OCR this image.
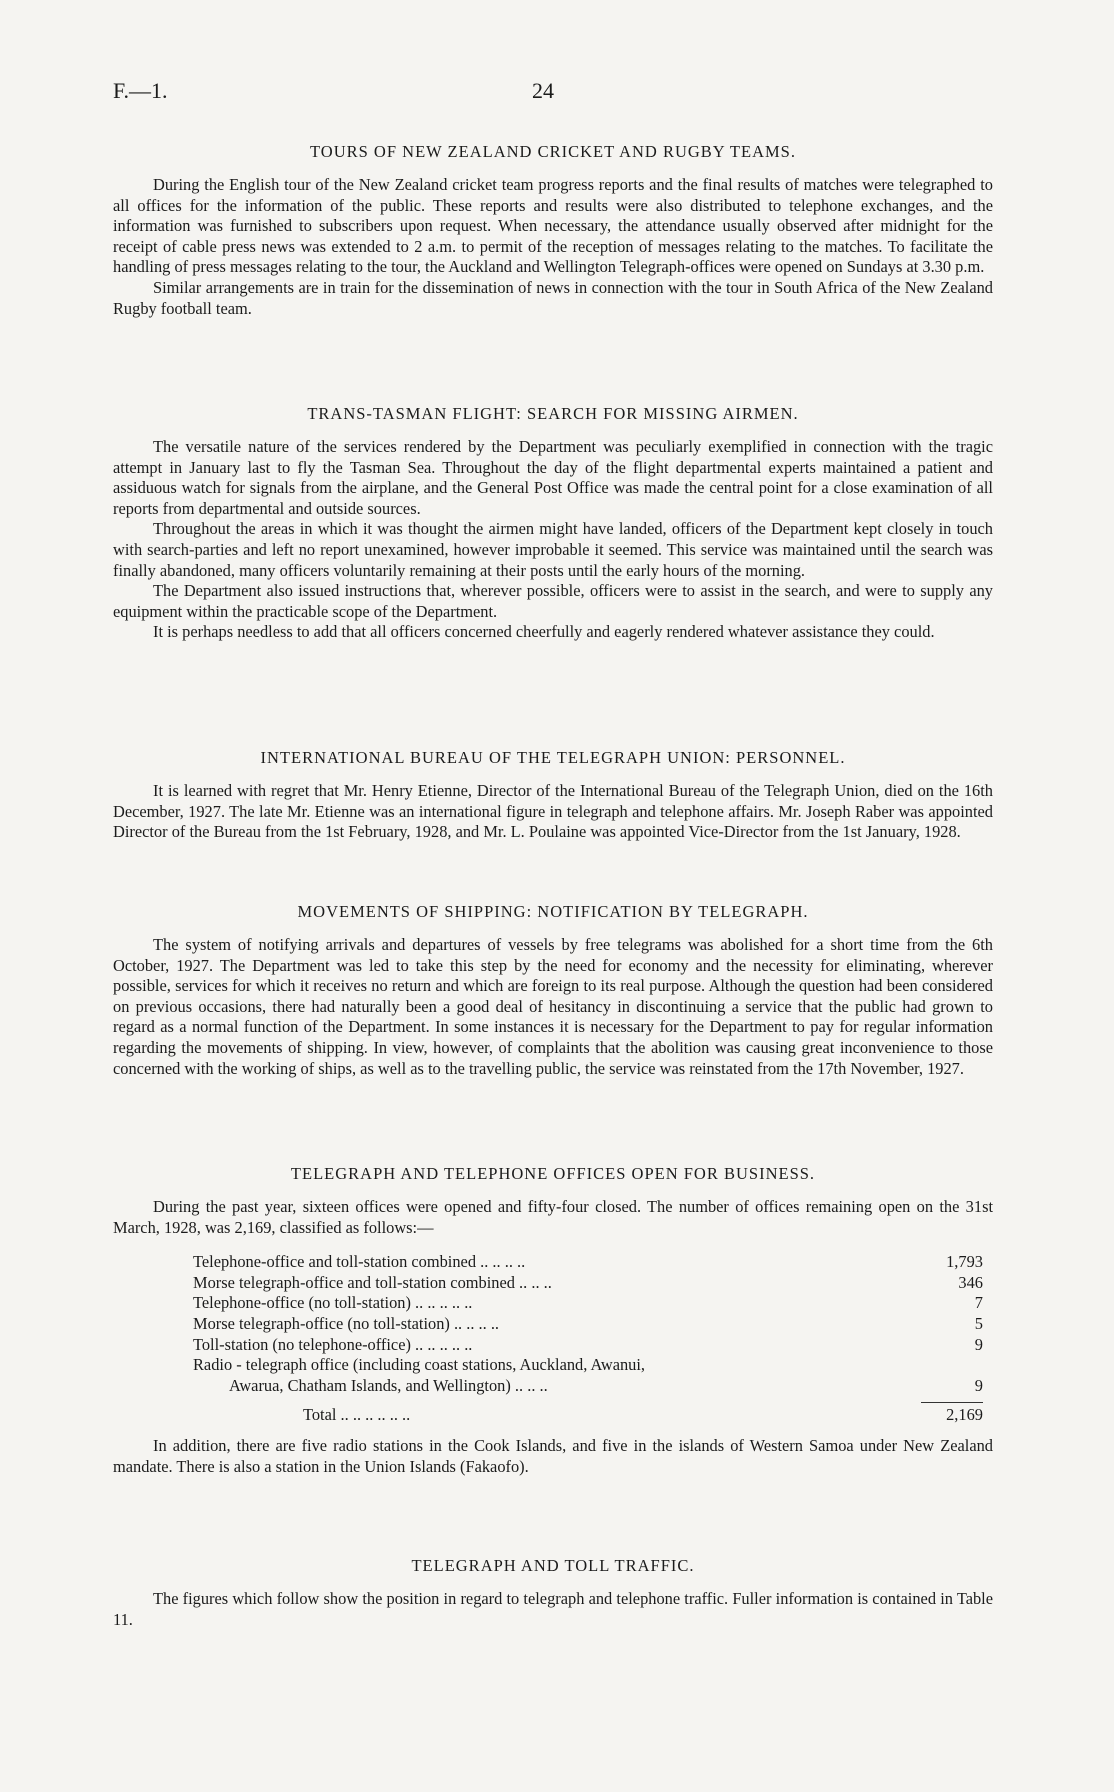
F.—1.	24
TOURS OF NEW ZEALAND CRICKET AND RUGBY TEAMS.

During the English tour of the New Zealand cricket team progress reports and the final results of matches were telegraphed to all offices for the information of the public. These reports and results were also distributed to telephone exchanges, and the information was furnished to subscribers upon request. When necessary, the attendance usually observed after midnight for the receipt of cable press news was extended to 2 a.m. to permit of the reception of messages relating to the matches. To facilitate the handling of press messages relating to the tour, the Auckland and Wellington Telegraph-offices were opened on Sundays at 3.30 p.m.

Similar arrangements are in train for the dissemination of news in connection with the tour in South Africa of the New Zealand Rugby football team.

TRANS-TASMAN FLIGHT: SEARCH FOR MISSING AIRMEN.

The versatile nature of the services rendered by the Department was peculiarly exemplified in connection with the tragic attempt in January last to fly the Tasman Sea. Throughout the day of the flight departmental experts maintained a patient and assiduous watch for signals from the airplane, and the General Post Office was made the central point for a close examination of all reports from departmental and outside sources.

Throughout the areas in which it was thought the airmen might have landed, officers of the Department kept closely in touch with search-parties and left no report unexamined, however improbable it seemed. This service was maintained until the search was finally abandoned, many officers voluntarily remaining at their posts until the early hours of the morning.

The Department also issued instructions that, wherever possible, officers were to assist in the search, and were to supply any equipment within the practicable scope of the Department.

It is perhaps needless to add that all officers concerned cheerfully and eagerly rendered whatever assistance they could.

INTERNATIONAL BUREAU OF THE TELEGRAPH UNION: PERSONNEL.

It is learned with regret that Mr. Henry Etienne, Director of the International Bureau of the Telegraph Union, died on the 16th December, 1927. The late Mr. Etienne was an international figure in telegraph and telephone affairs. Mr. Joseph Raber was appointed Director of the Bureau from the 1st February, 1928, and Mr. L. Poulaine was appointed Vice-Director from the 1st January, 1928.

MOVEMENTS OF SHIPPING: NOTIFICATION BY TELEGRAPH.

The system of notifying arrivals and departures of vessels by free telegrams was abolished for a short time from the 6th October, 1927. The Department was led to take this step by the need for economy and the necessity for eliminating, wherever possible, services for which it receives no return and which are foreign to its real purpose. Although the question had been considered on previous occasions, there had naturally been a good deal of hesitancy in discontinuing a service that the public had grown to regard as a normal function of the Department. In some instances it is necessary for the Department to pay for regular information regarding the movements of shipping. In view, however, of complaints that the abolition was causing great inconvenience to those concerned with the working of ships, as well as to the travelling public, the service was reinstated from the 17th November, 1927.

TELEGRAPH AND TELEPHONE OFFICES OPEN FOR BUSINESS.

During the past year, sixteen offices were opened and fifty-four closed. The number of offices remaining open on the 31st March, 1928, was 2,169, classified as follows:—

Telephone-office and toll-station combined .. .. .. ..	1,793
Morse telegraph-office and toll-station combined .. .. ..	346
Telephone-office (no toll-station) .. .. .. .. ..	7
Morse telegraph-office (no toll-station) .. .. .. ..	5
Toll-station (no telephone-office) .. .. .. .. ..	9
Radio - telegraph office (including coast stations, Auckland, Awanui,
Awarua, Chatham Islands, and Wellington) .. .. ..	9
Total .. .. .. .. .. ..	2,169

In addition, there are five radio stations in the Cook Islands, and five in the islands of Western Samoa under New Zealand mandate. There is also a station in the Union Islands (Fakaofo).

TELEGRAPH AND TOLL TRAFFIC.

The figures which follow show the position in regard to telegraph and telephone traffic. Fuller information is contained in Table 11.
